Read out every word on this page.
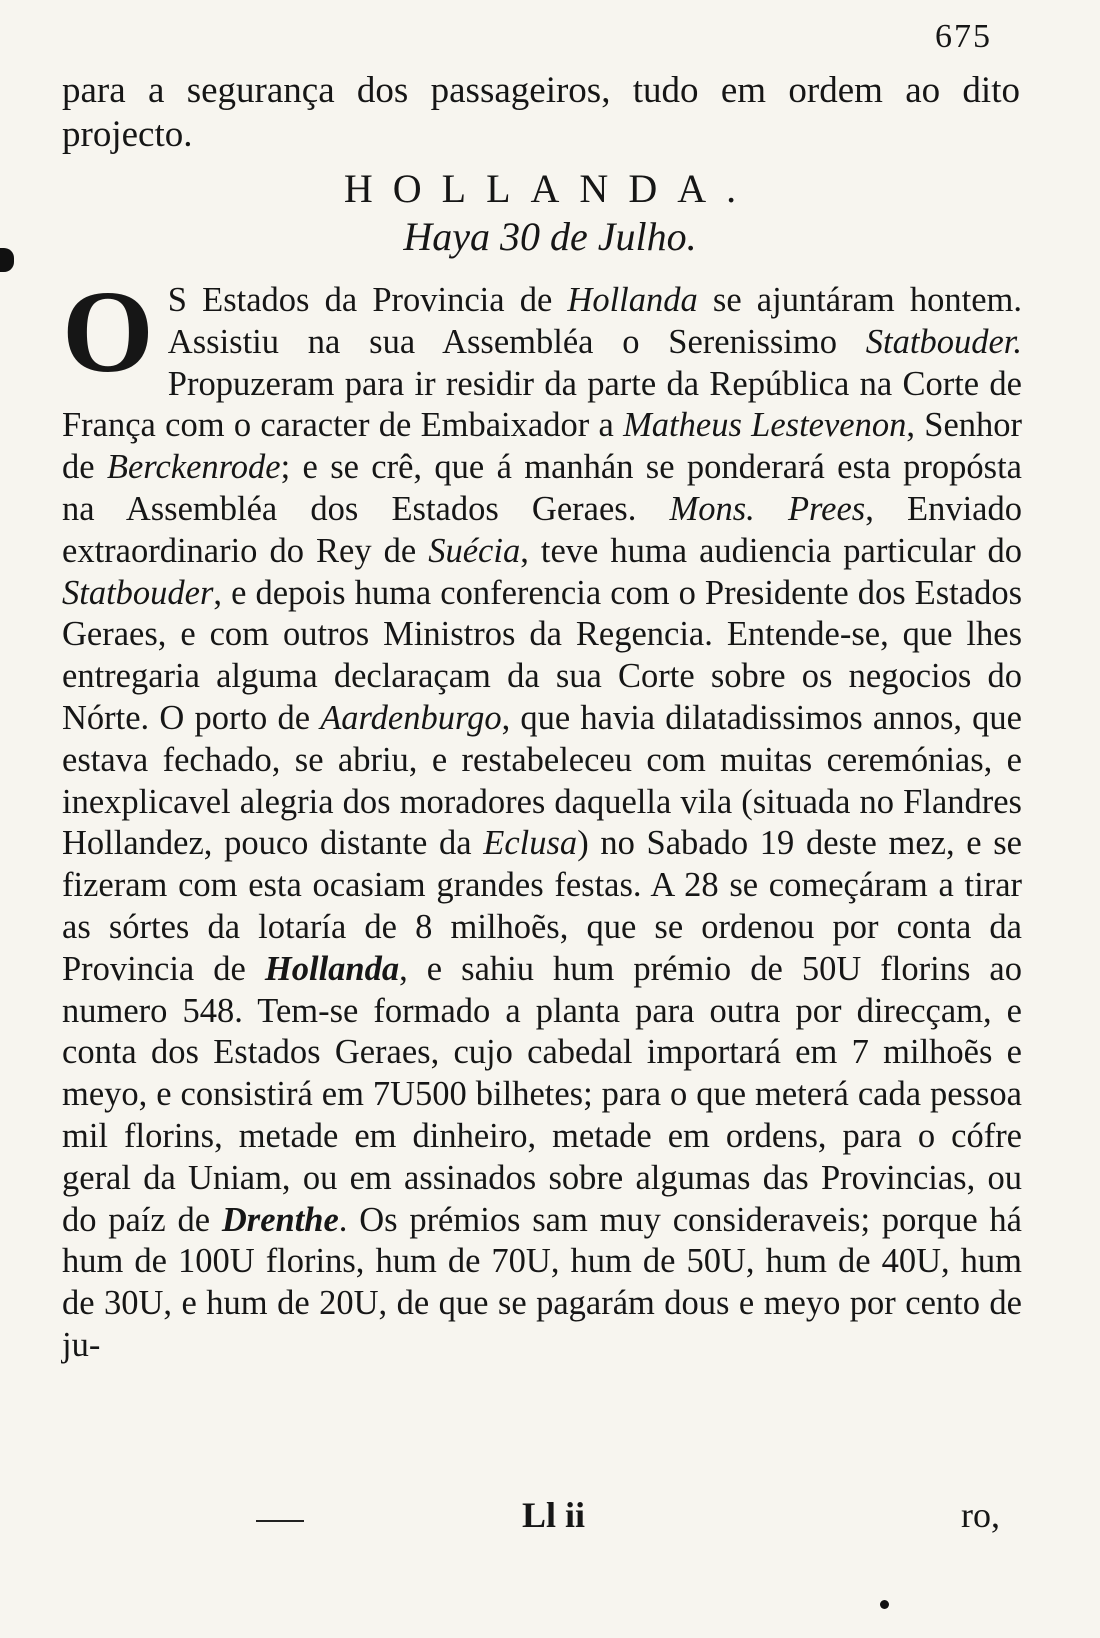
675
para a segurança dos passageiros, tudo em ordem ao dito
projecto.
HOLLANDA.
Haya 30 de Julho.
O S Estados da Provincia de Hollanda se ajuntáram hontem. Assistiu na sua Assembléa o Serenissimo Statbouder. Propuzeram para ir residir da parte da República na Corte de França com o caracter de Embaixador a Matheus Lestevenon, Senhor de Berckenrode; e se crê, que á manhán se ponderará esta propósta na Assembléa dos Estados Geraes. Mons. Prees, Enviado extraordinario do Rey de Suécia, teve huma audiencia particular do Statbouder, e depois huma conferencia com o Presidente dos Estados Geraes, e com outros Ministros da Regencia. Entende-se, que lhes entregaria alguma declaraçam da sua Corte sobre os negocios do Nórte. O porto de Aardenburgo, que havia dilatadissimos annos, que estava fechado, se abriu, e restabeleceu com muitas ceremónias, e inexplicavel alegria dos moradores daquella vila (situada no Flandres Hollandez, pouco distante da Eclusa) no Sabado 19 deste mez, e se fizeram com esta ocasiam grandes festas. A 28 se começáram a tirar as sórtes da lotaría de 8 milhoẽs, que se ordenou por conta da Provincia de Hollanda, e sahiu hum prémio de 50U florins ao numero 548. Tem-se formado a planta para outra por direcçam, e conta dos Estados Geraes, cujo cabedal importará em 7 milhoẽs e meyo, e consistirá em 7U500 bilhetes; para o que meterá cada pessoa mil florins, metade em dinheiro, metade em ordens, para o cófre geral da Uniam, ou em assinados sobre algumas das Provincias, ou do paíz de Drenthe. Os prémios sam muy consideraveis; porque há hum de 100U florins, hum de 70U, hum de 50U, hum de 40U, hum de 30U, e hum de 20U, de que se pagarám dous e meyo por cento de ju-
Ll ii	ro,
